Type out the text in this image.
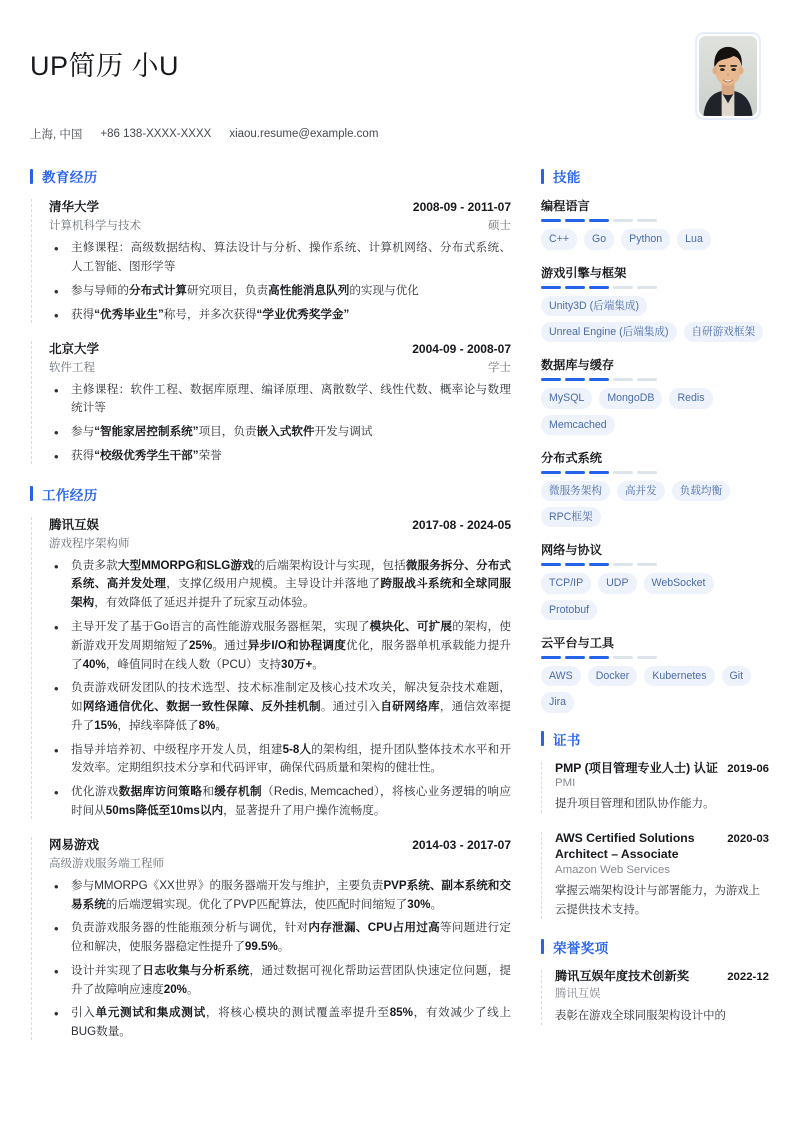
UP简历 小U
上海, 中国 +86 138-XXXX-XXXX xiaou.resume@example.com
教育经历
清华大学	2008-09 - 2011-07
计算机科学与技术	硕士
• 主修课程：高级数据结构、算法设计与分析、操作系统、计算机网络、分布式系统、人工智能、图形学等
• 参与导师的分布式计算研究项目，负责高性能消息队列的实现与优化
• 获得“优秀毕业生”称号，并多次获得“学业优秀奖学金”
北京大学	2004-09 - 2008-07
软件工程	学士
• 主修课程：软件工程、数据库原理、编译原理、离散数学、线性代数、概率论与数理统计等
• 参与“智能家居控制系统”项目，负责嵌入式软件开发与调试
• 获得“校级优秀学生干部”荣誉
工作经历
腾讯互娱	2017-08 - 2024-05
游戏程序架构师
• 负责多款大型MMORPG和SLG游戏的后端架构设计与实现，包括微服务拆分、分布式系统、高并发处理，支撑亿级用户规模。主导设计并落地了跨服战斗系统和全球同服架构，有效降低了延迟并提升了玩家互动体验。
• 主导开发了基于Go语言的高性能游戏服务器框架，实现了模块化、可扩展的架构，使新游戏开发周期缩短了25%。通过异步I/O和协程调度优化，服务器单机承载能力提升了40%，峰值同时在线人数（PCU）支持30万+。
• 负责游戏研发团队的技术选型、技术标准制定及核心技术攻关，解决复杂技术难题，如网络通信优化、数据一致性保障、反外挂机制。通过引入自研网络库，通信效率提升了15%，掉线率降低了8%。
• 指导并培养初、中级程序开发人员，组建5-8人的架构组，提升团队整体技术水平和开发效率。定期组织技术分享和代码评审，确保代码质量和架构的健壮性。
• 优化游戏数据库访问策略和缓存机制（Redis, Memcached），将核心业务逻辑的响应时间从50ms降低至10ms以内，显著提升了用户操作流畅度。
网易游戏	2014-03 - 2017-07
高级游戏服务端工程师
• 参与MMORPG《XX世界》的服务器端开发与维护，主要负责PVP系统、副本系统和交易系统的后端逻辑实现。优化了PVP匹配算法，使匹配时间缩短了30%。
• 负责游戏服务器的性能瓶颈分析与调优，针对内存泄漏、CPU占用过高等问题进行定位和解决，使服务器稳定性提升了99.5%。
• 设计并实现了日志收集与分析系统，通过数据可视化帮助运营团队快速定位问题，提升了故障响应速度20%。
• 引入单元测试和集成测试，将核心模块的测试覆盖率提升至85%，有效减少了线上BUG数量。
技能
编程语言
C++	Go	Python	Lua
游戏引擎与框架
Unity3D (后端集成)
Unreal Engine (后端集成)	自研游戏框架
数据库与缓存
MySQL	MongoDB	Redis
Memcached
分布式系统
微服务架构	高并发	负载均衡
RPC框架
网络与协议
TCP/IP	UDP	WebSocket
Protobuf
云平台与工具
AWS	Docker	Kubernetes	Git
Jira
证书
PMP (项目管理专业人士) 认证 2019-06
PMI
提升项目管理和团队协作能力。
AWS Certified Solutions Architect – Associate
2020-03
Amazon Web Services
掌握云端架构设计与部署能力，为游戏上云提供技术支持。
荣誉奖项
腾讯互娱年度技术创新奖	2022-12
腾讯互娱
表彰在游戏全球同服架构设计中的
